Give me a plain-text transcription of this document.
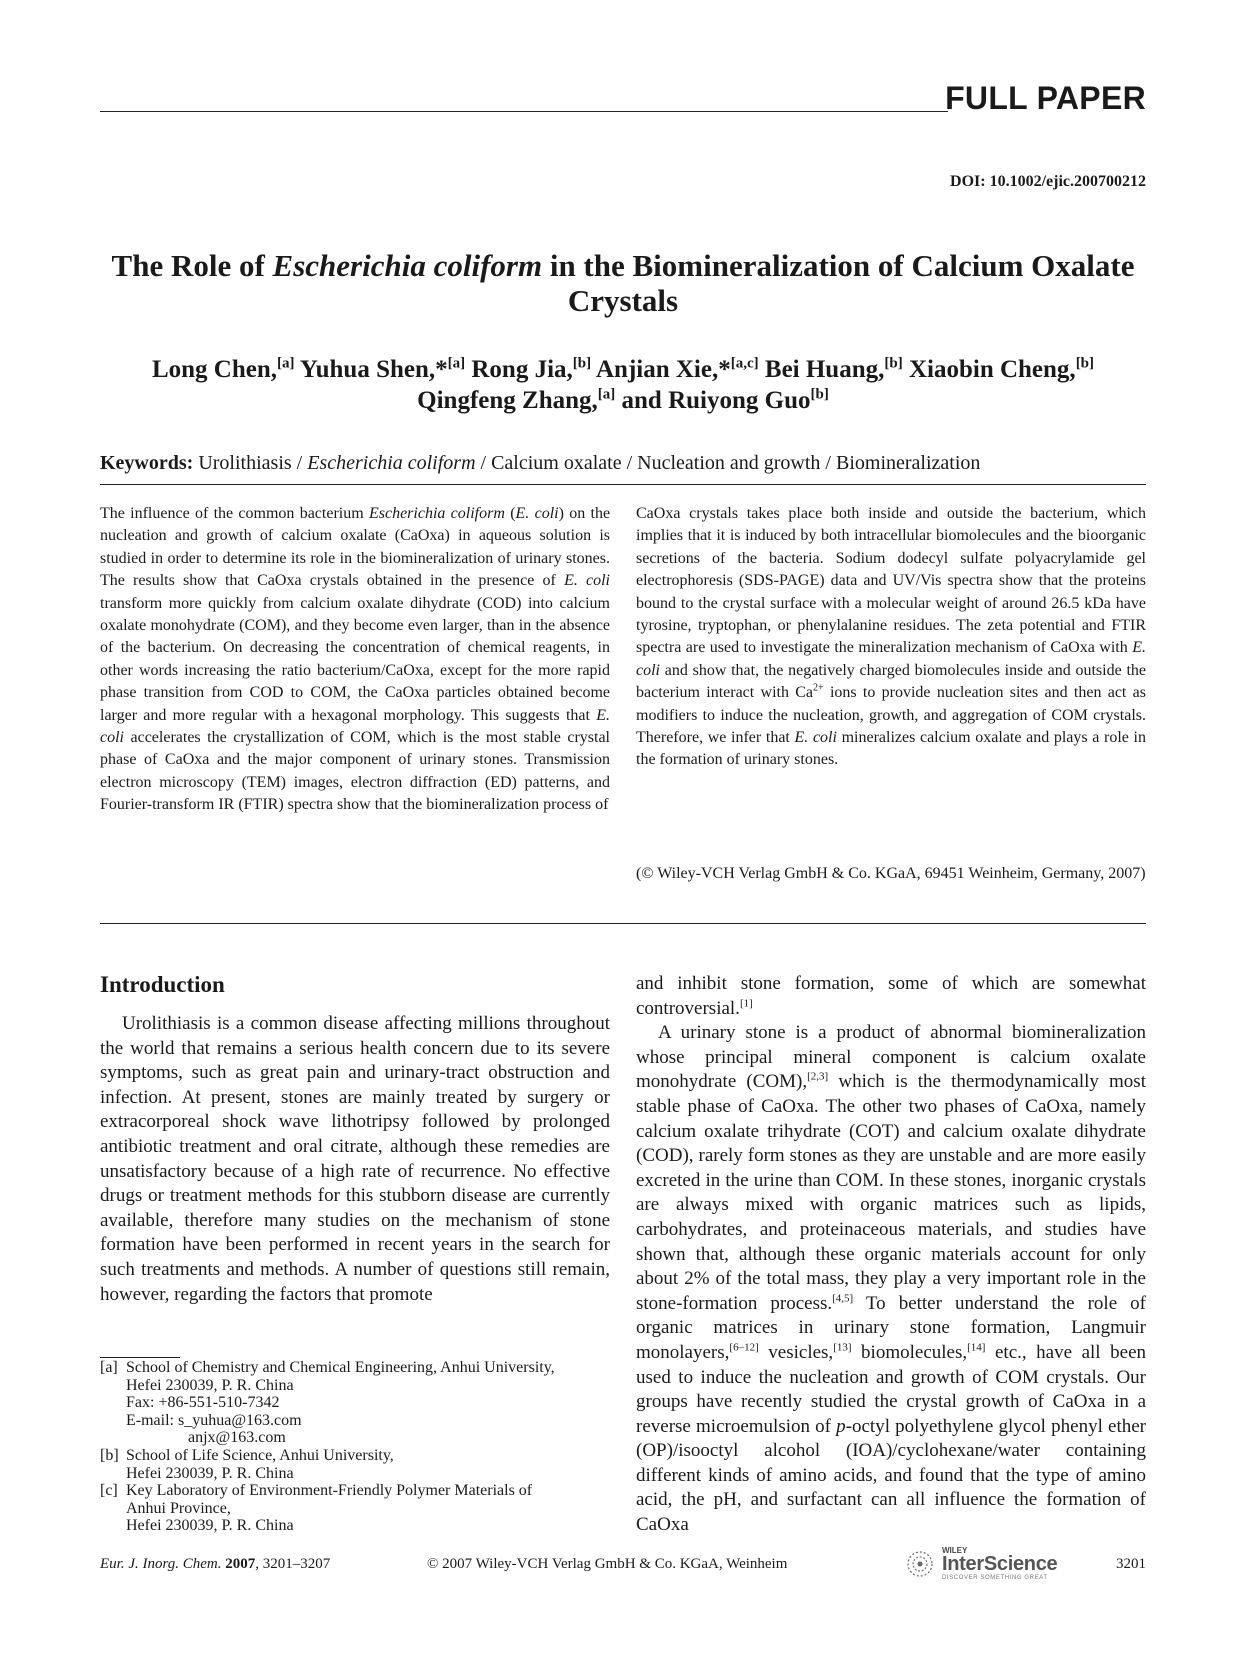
FULL PAPER
DOI: 10.1002/ejic.200700212
The Role of Escherichia coliform in the Biomineralization of Calcium Oxalate Crystals
Long Chen,[a] Yuhua Shen,*[a] Rong Jia,[b] Anjian Xie,*[a,c] Bei Huang,[b] Xiaobin Cheng,[b]
Qingfeng Zhang,[a] and Ruiyong Guo[b]
Keywords: Urolithiasis / Escherichia coliform / Calcium oxalate / Nucleation and growth / Biomineralization
The influence of the common bacterium Escherichia coliform (E. coli) on the nucleation and growth of calcium oxalate (CaOxa) in aqueous solution is studied in order to determine its role in the biomineralization of urinary stones. The results show that CaOxa crystals obtained in the presence of E. coli transform more quickly from calcium oxalate dihydrate (COD) into calcium oxalate monohydrate (COM), and they become even larger, than in the absence of the bacterium. On decreasing the concentration of chemical reagents, in other words increasing the ratio bacterium/CaOxa, except for the more rapid phase transition from COD to COM, the CaOxa particles obtained become larger and more regular with a hexagonal morphology. This suggests that E. coli accelerates the crystallization of COM, which is the most stable crystal phase of CaOxa and the major component of urinary stones. Transmission electron microscopy (TEM) images, electron diffraction (ED) patterns, and Fourier-transform IR (FTIR) spectra show that the biomineralization process of
CaOxa crystals takes place both inside and outside the bacterium, which implies that it is induced by both intracellular biomolecules and the bioorganic secretions of the bacteria. Sodium dodecyl sulfate polyacrylamide gel electrophoresis (SDS-PAGE) data and UV/Vis spectra show that the proteins bound to the crystal surface with a molecular weight of around 26.5 kDa have tyrosine, tryptophan, or phenylalanine residues. The zeta potential and FTIR spectra are used to investigate the mineralization mechanism of CaOxa with E. coli and show that, the negatively charged biomolecules inside and outside the bacterium interact with $Ca^{2+}$ ions to provide nucleation sites and then act as modifiers to induce the nucleation, growth, and aggregation of COM crystals. Therefore, we infer that E. coli mineralizes calcium oxalate and plays a role in the formation of urinary stones.
(© Wiley-VCH Verlag GmbH & Co. KGaA, 69451 Weinheim, Germany, 2007)
Introduction

Urolithiasis is a common disease affecting millions throughout the world that remains a serious health concern due to its severe symptoms, such as great pain and urinary-tract obstruction and infection. At present, stones are mainly treated by surgery or extracorporeal shock wave lithotripsy followed by prolonged antibiotic treatment and oral citrate, although these remedies are unsatisfactory because of a high rate of recurrence. No effective drugs or treatment methods for this stubborn disease are currently available, therefore many studies on the mechanism of stone formation have been performed in recent years in the search for such treatments and methods. A number of questions still remain, however, regarding the factors that promote

and inhibit stone formation, some of which are somewhat controversial.[1]

A urinary stone is a product of abnormal biomineralization whose principal mineral component is calcium oxalate monohydrate (COM),[2,3] which is the thermodynamically most stable phase of CaOxa. The other two phases of CaOxa, namely calcium oxalate trihydrate (COT) and calcium oxalate dihydrate (COD), rarely form stones as they are unstable and are more easily excreted in the urine than COM. In these stones, inorganic crystals are always mixed with organic matrices such as lipids, carbohydrates, and proteinaceous materials, and studies have shown that, although these organic materials account for only about 2% of the total mass, they play a very important role in the stone-formation process.[4,5] To better understand the role of organic matrices in urinary stone formation, Langmuir monolayers,[6–12] vesicles,[13] biomolecules,[14] etc., have all been used to induce the nucleation and growth of COM crystals. Our groups have recently studied the crystal growth of CaOxa in a reverse microemulsion of p-octyl polyethylene glycol phenyl ether (OP)/isooctyl alcohol (IOA)/cyclohexane/water containing different kinds of amino acids, and found that the type of amino acid, the pH, and surfactant can all influence the formation of CaOxa

[a] School of Chemistry and Chemical Engineering, Anhui University,
Hefei 230039, P. R. China
Fax: +86-551-510-7342
E-mail: s_yuhua@163.com
anjx@163.com
[b] School of Life Science, Anhui University,
Hefei 230039, P. R. China
[c] Key Laboratory of Environment-Friendly Polymer Materials of
Anhui Province,
Hefei 230039, P. R. China
Eur. J. Inorg. Chem. 2007, 3201–3207	© 2007 Wiley-VCH Verlag GmbH & Co. KGaA, Weinheim
WILEY
InterScience
DISCOVER SOMETHING GREAT
3201
